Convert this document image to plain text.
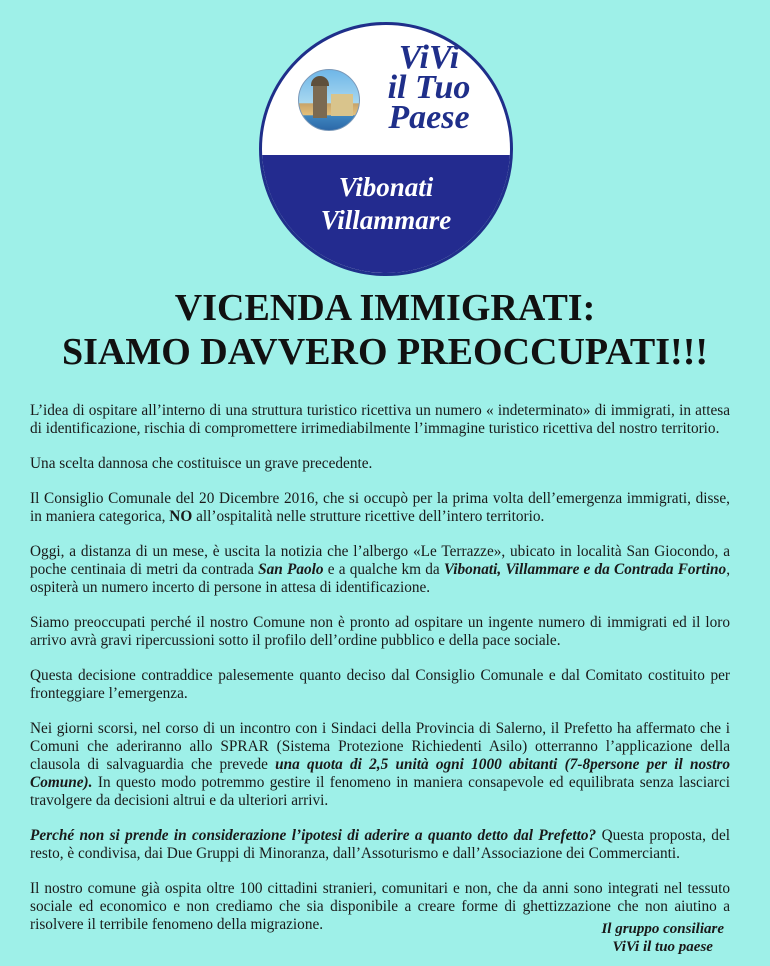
ViVi
il Tuo
Paese
Vibonati
Villammare
VICENDA IMMIGRATI:
SIAMO DAVVERO PREOCCUPATI!!!

L’idea di ospitare all’interno di una struttura turistico ricettiva un numero « indeterminato» di immigrati, in attesa di identificazione, rischia di compromettere irrimediabilmente l’immagine turistico ricettiva del nostro territorio.

Una scelta dannosa che costituisce un grave precedente.

Il Consiglio Comunale del 20 Dicembre 2016, che si occupò per la prima volta dell’emergenza immigrati, disse, in maniera categorica, NO all’ospitalità nelle strutture ricettive dell’intero territorio.

Oggi, a distanza di un mese, è uscita la notizia che l’albergo «Le Terrazze», ubicato in località San Giocondo, a poche centinaia di metri da contrada San Paolo e a qualche km da Vibonati, Villammare e da Contrada Fortino, ospiterà un numero incerto di persone in attesa di identificazione.

Siamo preoccupati perché il nostro Comune non è pronto ad ospitare un ingente numero di immigrati ed il loro arrivo avrà gravi ripercussioni sotto il profilo dell’ordine pubblico e della pace sociale.

Questa decisione contraddice palesemente quanto deciso dal Consiglio Comunale e dal Comitato costituito per fronteggiare l’emergenza.

Nei giorni scorsi, nel corso di un incontro con i Sindaci della Provincia di Salerno, il Prefetto ha affermato che i Comuni che aderiranno allo SPRAR (Sistema Protezione Richiedenti Asilo) otterranno l’applicazione della clausola di salvaguardia che prevede una quota di 2,5 unità ogni 1000 abitanti (7-8persone per il nostro Comune). In questo modo potremmo gestire il fenomeno in maniera consapevole ed equilibrata senza lasciarci travolgere da decisioni altrui e da ulteriori arrivi.

Perché non si prende in considerazione l’ipotesi di aderire a quanto detto dal Prefetto? Questa proposta, del resto, è condivisa, dai Due Gruppi di Minoranza, dall’Assoturismo e dall’Associazione dei Commercianti.

Il nostro comune già ospita oltre 100 cittadini stranieri, comunitari e non, che da anni sono integrati nel tessuto sociale ed economico e non crediamo che sia disponibile a creare forme di ghettizzazione che non aiutino a risolvere il terribile fenomeno della migrazione.	Il gruppo consiliare
ViVi il tuo paese
